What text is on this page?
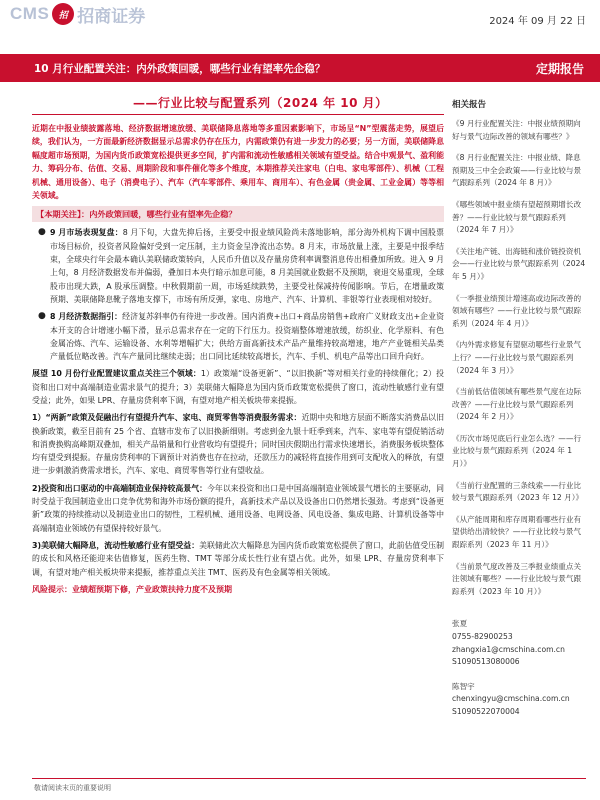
CMS	招 招商证券	2024 年 09 月 22 日
10 月行业配置关注：内外政策回暖，哪些行业有望率先企稳？	定期报告
——行业比较与配置系列（2024 年 10 月）

近期在中报业绩披露落地、经济数据增速放缓、美联储降息落地等多重因素影响下，市场呈“N”型震荡走势，展望后续，我们认为，一方面最新经济数据显示总需求仍存在压力，内需政策仍有进一步发力的必要；另一方面，美联储降息幅度超市场预期，为国内货币政策宽松提供更多空间，扩内需和流动性敏感相关领域有望受益。结合中观景气、盈利能力、筹码分布、估值、交易、周期阶段和事件催化等多个维度，本期推荐关注家电（白电、家电零部件）、机械（工程机械、通用设备）、电子（消费电子）、汽车（汽车零部件、乘用车、商用车）、有色金属（贵金属、工业金属）等等相关领域。

【本期关注】：内外政策回暖，哪些行业有望率先企稳？

● 9 月市场表现复盘：8 月下旬，大盘先抑后扬，主要受中报业绩风险尚未落地影响，部分海外机构下调中国股票市场目标价，投资者风险偏好受到一定压制，主力资金呈净流出态势。8 月末，市场放量上涨，主要是中报季结束，全球央行年会最本确认美联储政策转向，人民币升值以及存量房贷利率调整消息传出相叠加所致。进入 9 月上旬，8 月经济数据发布并偏弱，叠加日本央行暗示加息可能，8 月美国就业数据不及预期，衰退交易重现，全球股市出现大跌，A 股承压调整。中秋假期前一周，市场延续跌势，主要受社保减持传闻影响。节后，在增量政策预期、美联储降息靴子落地支撑下，市场有所反弹，家电、房地产、汽车、计算机、非银等行业表现相对较好。

● 8 月经济数据指引：经济复苏斜率仍有待进一步改善。国内消费+出口+商品房销售+政府广义财政支出+企业资本开支的合计增速小幅下滑，显示总需求存在一定的下行压力。投资端整体增速放缓，纺织业、化学原料、有色金属冶炼、汽车、运输设备、水利等增幅扩大；供给方面高新技术产品产量维持较高增速，地产产业链相关品类产量低位略改善。汽车产量同比继续走弱；出口同比延续较高增长，汽车、手机、机电产品等出口回升向好。

展望 10 月份行业配置建议重点关注三个领域：1）政策端“设备更新”、“以旧换新”等对相关行业的持续催化；2）投资和出口对中高端制造业需求景气的提升；3）美联储大幅降息为国内货币政策宽松提供了窗口，流动性敏感行业有望受益；此外，如果 LPR、存量房贷利率下调，有望对地产相关板块带来提振。

1）“两新”政策及促融出行有望提升汽车、家电、商贸零售等消费服务需求：近期中央和地方层面不断落实消费品以旧换新政策，截至目前有 25 个省、直辖市发布了以旧换新细则。考虑到金九银十旺季到来，汽车、家电等有望促销活动和消费换购高峰期双叠加，相关产品销量和行业营收均有望提升；同时国庆假期出行需求快速增长，消费服务板块整体均有望受到提振。存量房贷利率的下调预计对消费也存在拉动，还款压力的减轻将直接作用到可支配收入的释放，有望进一步刺激消费需求增长，汽车、家电、商贸零售等行业有望收益。

2)投资和出口驱动的中高端制造业保持较高景气：今年以来投资和出口是中国高端制造业领域景气增长的主要驱动，同时受益于我国制造业出口竞争优势和海外市场份额的提升，高新技术产品以及设备出口仍然增长强劲。考虑到“设备更新”政策的持续推动以及制造业出口的韧性，工程机械、通用设备、电网设备、风电设备、集成电路、计算机设备等中高端制造业领域仍有望保持较好景气。

3)美联储大幅降息，流动性敏感行业有望受益：美联储此次大幅降息为国内货币政策宽松提供了窗口，此前估值受压制的成长和风格还能迎来估值修复，医药生物、TMT 等部分成长性行业有望占优。此外，如果 LPR、存量房贷利率下调，有望对地产相关板块带来提振，推荐重点关注 TMT、医药及有色金属等相关领域。

风险提示：业绩超预期下修，产业政策扶持力度不及预期
相关报告
《9 月行业配置关注：中报业绩预期向好与景气边际改善的领域有哪些？》
《8 月行业配置关注：中报业绩、降息预期及三中全会政策——行业比较与景气跟踪系列（2024 年 8 月）》
《哪些领域中报业绩有望超预期增长改善？——行业比较与景气跟踪系列（2024 年 7 月）》
《关注地产链、出海链和涨价链投资机会——行业比较与景气跟踪系列（2024 年 5 月）》
《一季报业绩预计增速高或边际改善的领域有哪些？——行业比较与景气跟踪系列（2024 年 4 月）》
《内外需求修复有望驱动哪些行业景气上行？——行业比较与景气跟踪系列（2024 年 3 月）》
《当前低估值领域有哪些景气度在边际改善？——行业比较与景气跟踪系列（2024 年 2 月）》
《历次市场见底后行业怎么选？——行业比较与景气跟踪系列（2024 年 1 月）》
《当前行业配置的三条线索——行业比较与景气跟踪系列（2023 年 12 月）》
《从产能周期和库存周期看哪些行业有望供给出清较快？——行业比较与景气跟踪系列（2023 年 11 月）》
《当前景气度改善及三季报业绩重点关注领域有哪些？——行业比较与景气跟踪系列（2023 年 10 月）》
张夏
0755-82900253
zhangxia1@cmschina.com.cn
S1090513080006
陈智宇
chenxingyu@cmschina.com.cn
S1090522070004
敬请阅读末页的重要说明
